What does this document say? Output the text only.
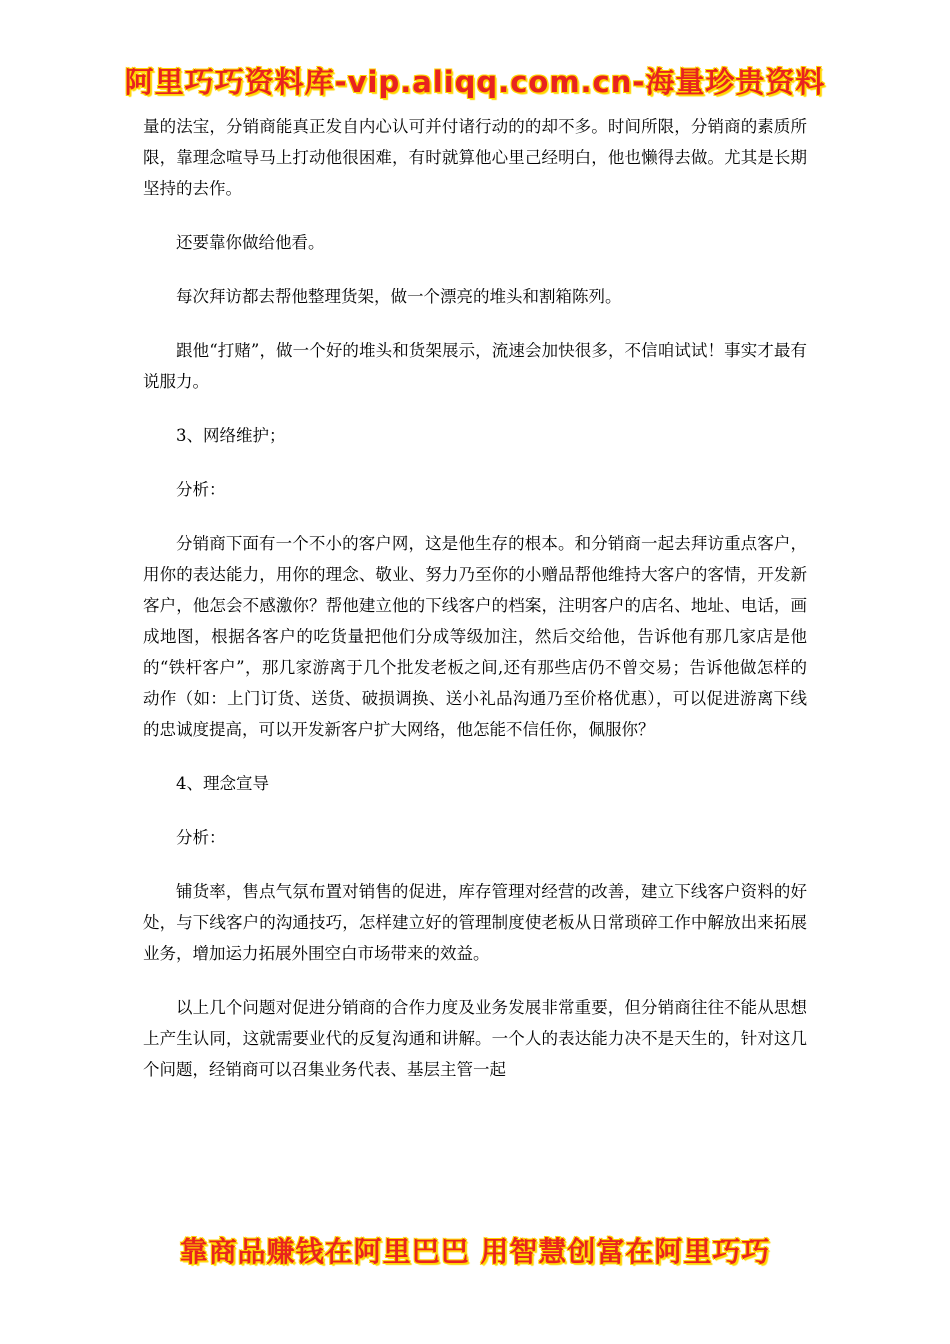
阿里巧巧资料库-vip.aliqq.com.cn-海量珍贵资料

量的法宝，分销商能真正发自内心认可并付诸行动的的却不多。时间所限，分销商的素质所限，靠理念喧导马上打动他很困难，有时就算他心里己经明白，他也懒得去做。尤其是长期坚持的去作。

还要靠你做给他看。

每次拜访都去帮他整理货架，做一个漂亮的堆头和割箱陈列。

跟他“打赌”，做一个好的堆头和货架展示，流速会加快很多，不信咱试试！事实才最有说服力。

3、网络维护；

分析：

分销商下面有一个不小的客户网，这是他生存的根本。和分销商一起去拜访重点客户，用你的表达能力，用你的理念、敬业、努力乃至你的小赠品帮他维持大客户的客情，开发新客户，他怎会不感激你？帮他建立他的下线客户的档案，注明客户的店名、地址、电话，画成地图，根据各客户的吃货量把他们分成等级加注，然后交给他，告诉他有那几家店是他的“铁杆客户”，那几家游离于几个批发老板之间,还有那些店仍不曾交易；告诉他做怎样的动作（如：上门订货、送货、破损调换、送小礼品沟通乃至价格优惠），可以促进游离下线的忠诚度提高，可以开发新客户扩大网络，他怎能不信任你，佩服你？

4、理念宣导

分析：

铺货率，售点气氛布置对销售的促进，库存管理对经营的改善，建立下线客户资料的好处，与下线客户的沟通技巧，怎样建立好的管理制度使老板从日常琐碎工作中解放出来拓展业务，增加运力拓展外围空白市场带来的效益。

以上几个问题对促进分销商的合作力度及业务发展非常重要，但分销商往往不能从思想上产生认同，这就需要业代的反复沟通和讲解。一个人的表达能力决不是天生的，针对这几个问题，经销商可以召集业务代表、基层主管一起

靠商品赚钱在阿里巴巴 用智慧创富在阿里巧巧
